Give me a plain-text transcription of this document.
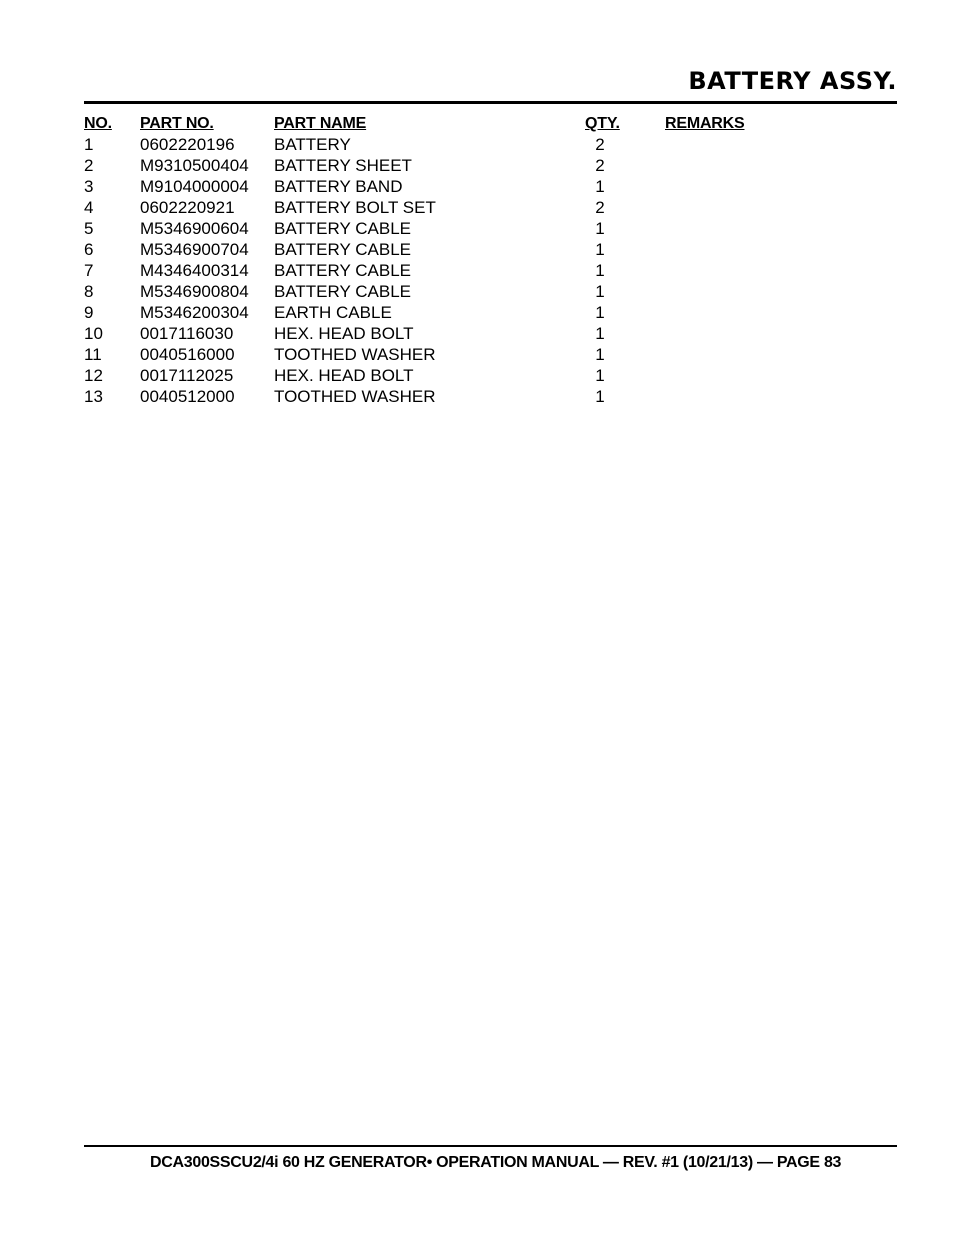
BATTERY ASSY.
NO. PART NO.	PART NAME	QTY.	REMARKS
1	0602220196 BATTERY	2
2	M9310500404 BATTERY SHEET	2
3	M9104000004 BATTERY BAND	1
4	0602220921 BATTERY BOLT SET	2
5	M5346900604 BATTERY CABLE	1
6	M5346900704 BATTERY CABLE	1
7	M4346400314 BATTERY CABLE	1
8	M5346900804 BATTERY CABLE	1
9	M5346200304 EARTH CABLE	1
10 0017116030 HEX. HEAD BOLT	1
11 0040516000 TOOTHED WASHER	1
12 0017112025 HEX. HEAD BOLT	1
13 0040512000 TOOTHED WASHER	1
DCA300SSCU2/4i 60 HZ GENERATOR• OPERATION MANUAL — REV. #1 (10/21/13) — PAGE 83
